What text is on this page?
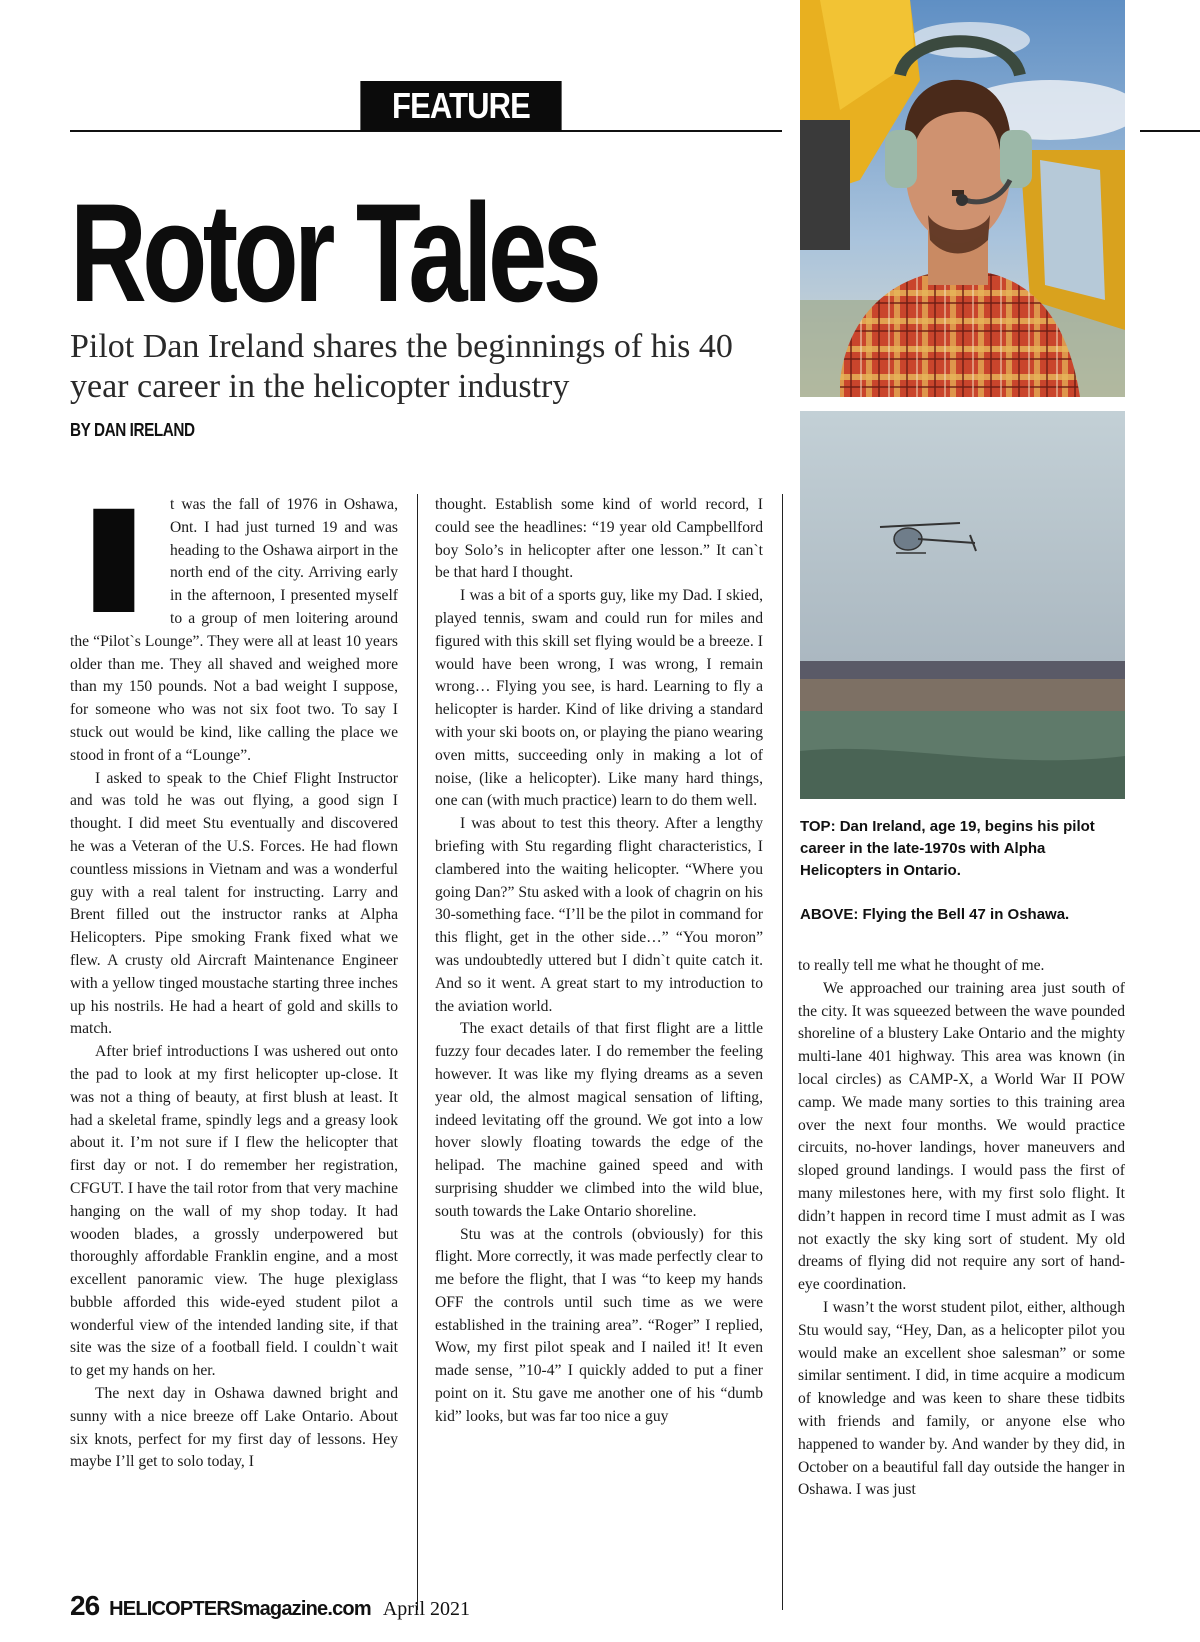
FEATURE
Rotor Tales
Pilot Dan Ireland shares the beginnings of his 40 year career in the helicopter industry
BY DAN IRELAND

I t was the fall of 1976 in Oshawa, Ont. I had just turned 19 and was heading to the Oshawa airport in the north end of the city. Arriving early in the afternoon, I presented myself to a group of men loitering around the “Pilot`s Lounge”. They were all at least 10 years older than me. They all shaved and weighed more than my 150 pounds. Not a bad weight I suppose, for someone who was not six foot two. To say I stuck out would be kind, like calling the place we stood in front of a “Lounge”.

I asked to speak to the Chief Flight Instructor and was told he was out flying, a good sign I thought. I did meet Stu eventually and discovered he was a Veteran of the U.S. Forces. He had flown countless missions in Vietnam and was a wonderful guy with a real talent for instructing. Larry and Brent filled out the instructor ranks at Alpha Helicopters. Pipe smoking Frank fixed what we flew. A crusty old Aircraft Maintenance Engineer with a yellow tinged moustache starting three inches up his nostrils. He had a heart of gold and skills to match.

After brief introductions I was ushered out onto the pad to look at my first helicopter up-close. It was not a thing of beauty, at first blush at least. It had a skeletal frame, spindly legs and a greasy look about it. I’m not sure if I flew the helicopter that first day or not. I do remember her registration, CFGUT. I have the tail rotor from that very machine hanging on the wall of my shop today. It had wooden blades, a grossly underpowered but thoroughly affordable Franklin engine, and a most excellent panoramic view. The huge plexiglass bubble afforded this wide-eyed student pilot a wonderful view of the intended landing site, if that site was the size of a football field. I couldn`t wait to get my hands on her.

The next day in Oshawa dawned bright and sunny with a nice breeze off Lake Ontario. About six knots, perfect for my first day of lessons. Hey maybe I’ll get to solo today, I

thought. Establish some kind of world record, I could see the headlines: “19 year old Campbellford boy Solo’s in helicopter after one lesson.” It can`t be that hard I thought.

I was a bit of a sports guy, like my Dad. I skied, played tennis, swam and could run for miles and figured with this skill set flying would be a breeze. I would have been wrong, I was wrong, I remain wrong… Flying you see, is hard. Learning to fly a helicopter is harder. Kind of like driving a standard with your ski boots on, or playing the piano wearing oven mitts, succeeding only in making a lot of noise, (like a helicopter). Like many hard things, one can (with much practice) learn to do them well.

I was about to test this theory. After a lengthy briefing with Stu regarding flight characteristics, I clambered into the waiting helicopter. “Where you going Dan?” Stu asked with a look of chagrin on his 30-something face. “I’ll be the pilot in command for this flight, get in the other side…” “You moron” was undoubtedly uttered but I didn`t quite catch it. And so it went. A great start to my introduction to the aviation world.

The exact details of that first flight are a little fuzzy four decades later. I do remember the feeling however. It was like my flying dreams as a seven year old, the almost magical sensation of lifting, indeed levitating off the ground. We got into a low hover slowly floating towards the edge of the helipad. The machine gained speed and with surprising shudder we climbed into the wild blue, south towards the Lake Ontario shoreline.

Stu was at the controls (obviously) for this flight. More correctly, it was made perfectly clear to me before the flight, that I was “to keep my hands OFF the controls until such time as we were established in the training area”. “Roger” I replied, Wow, my first pilot speak and I nailed it! It even made sense, ”10-4” I quickly added to put a finer point on it. Stu gave me another one of his “dumb kid” looks, but was far too nice a guy

to really tell me what he thought of me.

We approached our training area just south of the city. It was squeezed between the wave pounded shoreline of a blustery Lake Ontario and the mighty multi-lane 401 highway. This area was known (in local circles) as CAMP-X, a World War II POW camp. We made many sorties to this training area over the next four months. We would practice circuits, no-hover landings, hover maneuvers and sloped ground landings. I would pass the first of many milestones here, with my first solo flight. It didn’t happen in record time I must admit as I was not exactly the sky king sort of student. My old dreams of flying did not require any sort of hand-eye coordination.

I wasn’t the worst student pilot, either, although Stu would say, “Hey, Dan, as a helicopter pilot you would make an excellent shoe salesman” or some similar sentiment. I did, in time acquire a modicum of knowledge and was keen to share these tidbits with friends and family, or anyone else who happened to wander by. And wander by they did, in October on a beautiful fall day outside the hanger in Oshawa. I was just

TOP: Dan Ireland, age 19, begins his pilot career in the late-1970s with Alpha Helicopters in Ontario.

ABOVE: Flying the Bell 47 in Oshawa.

26 HELICOPTERSmagazine.com April 2021
